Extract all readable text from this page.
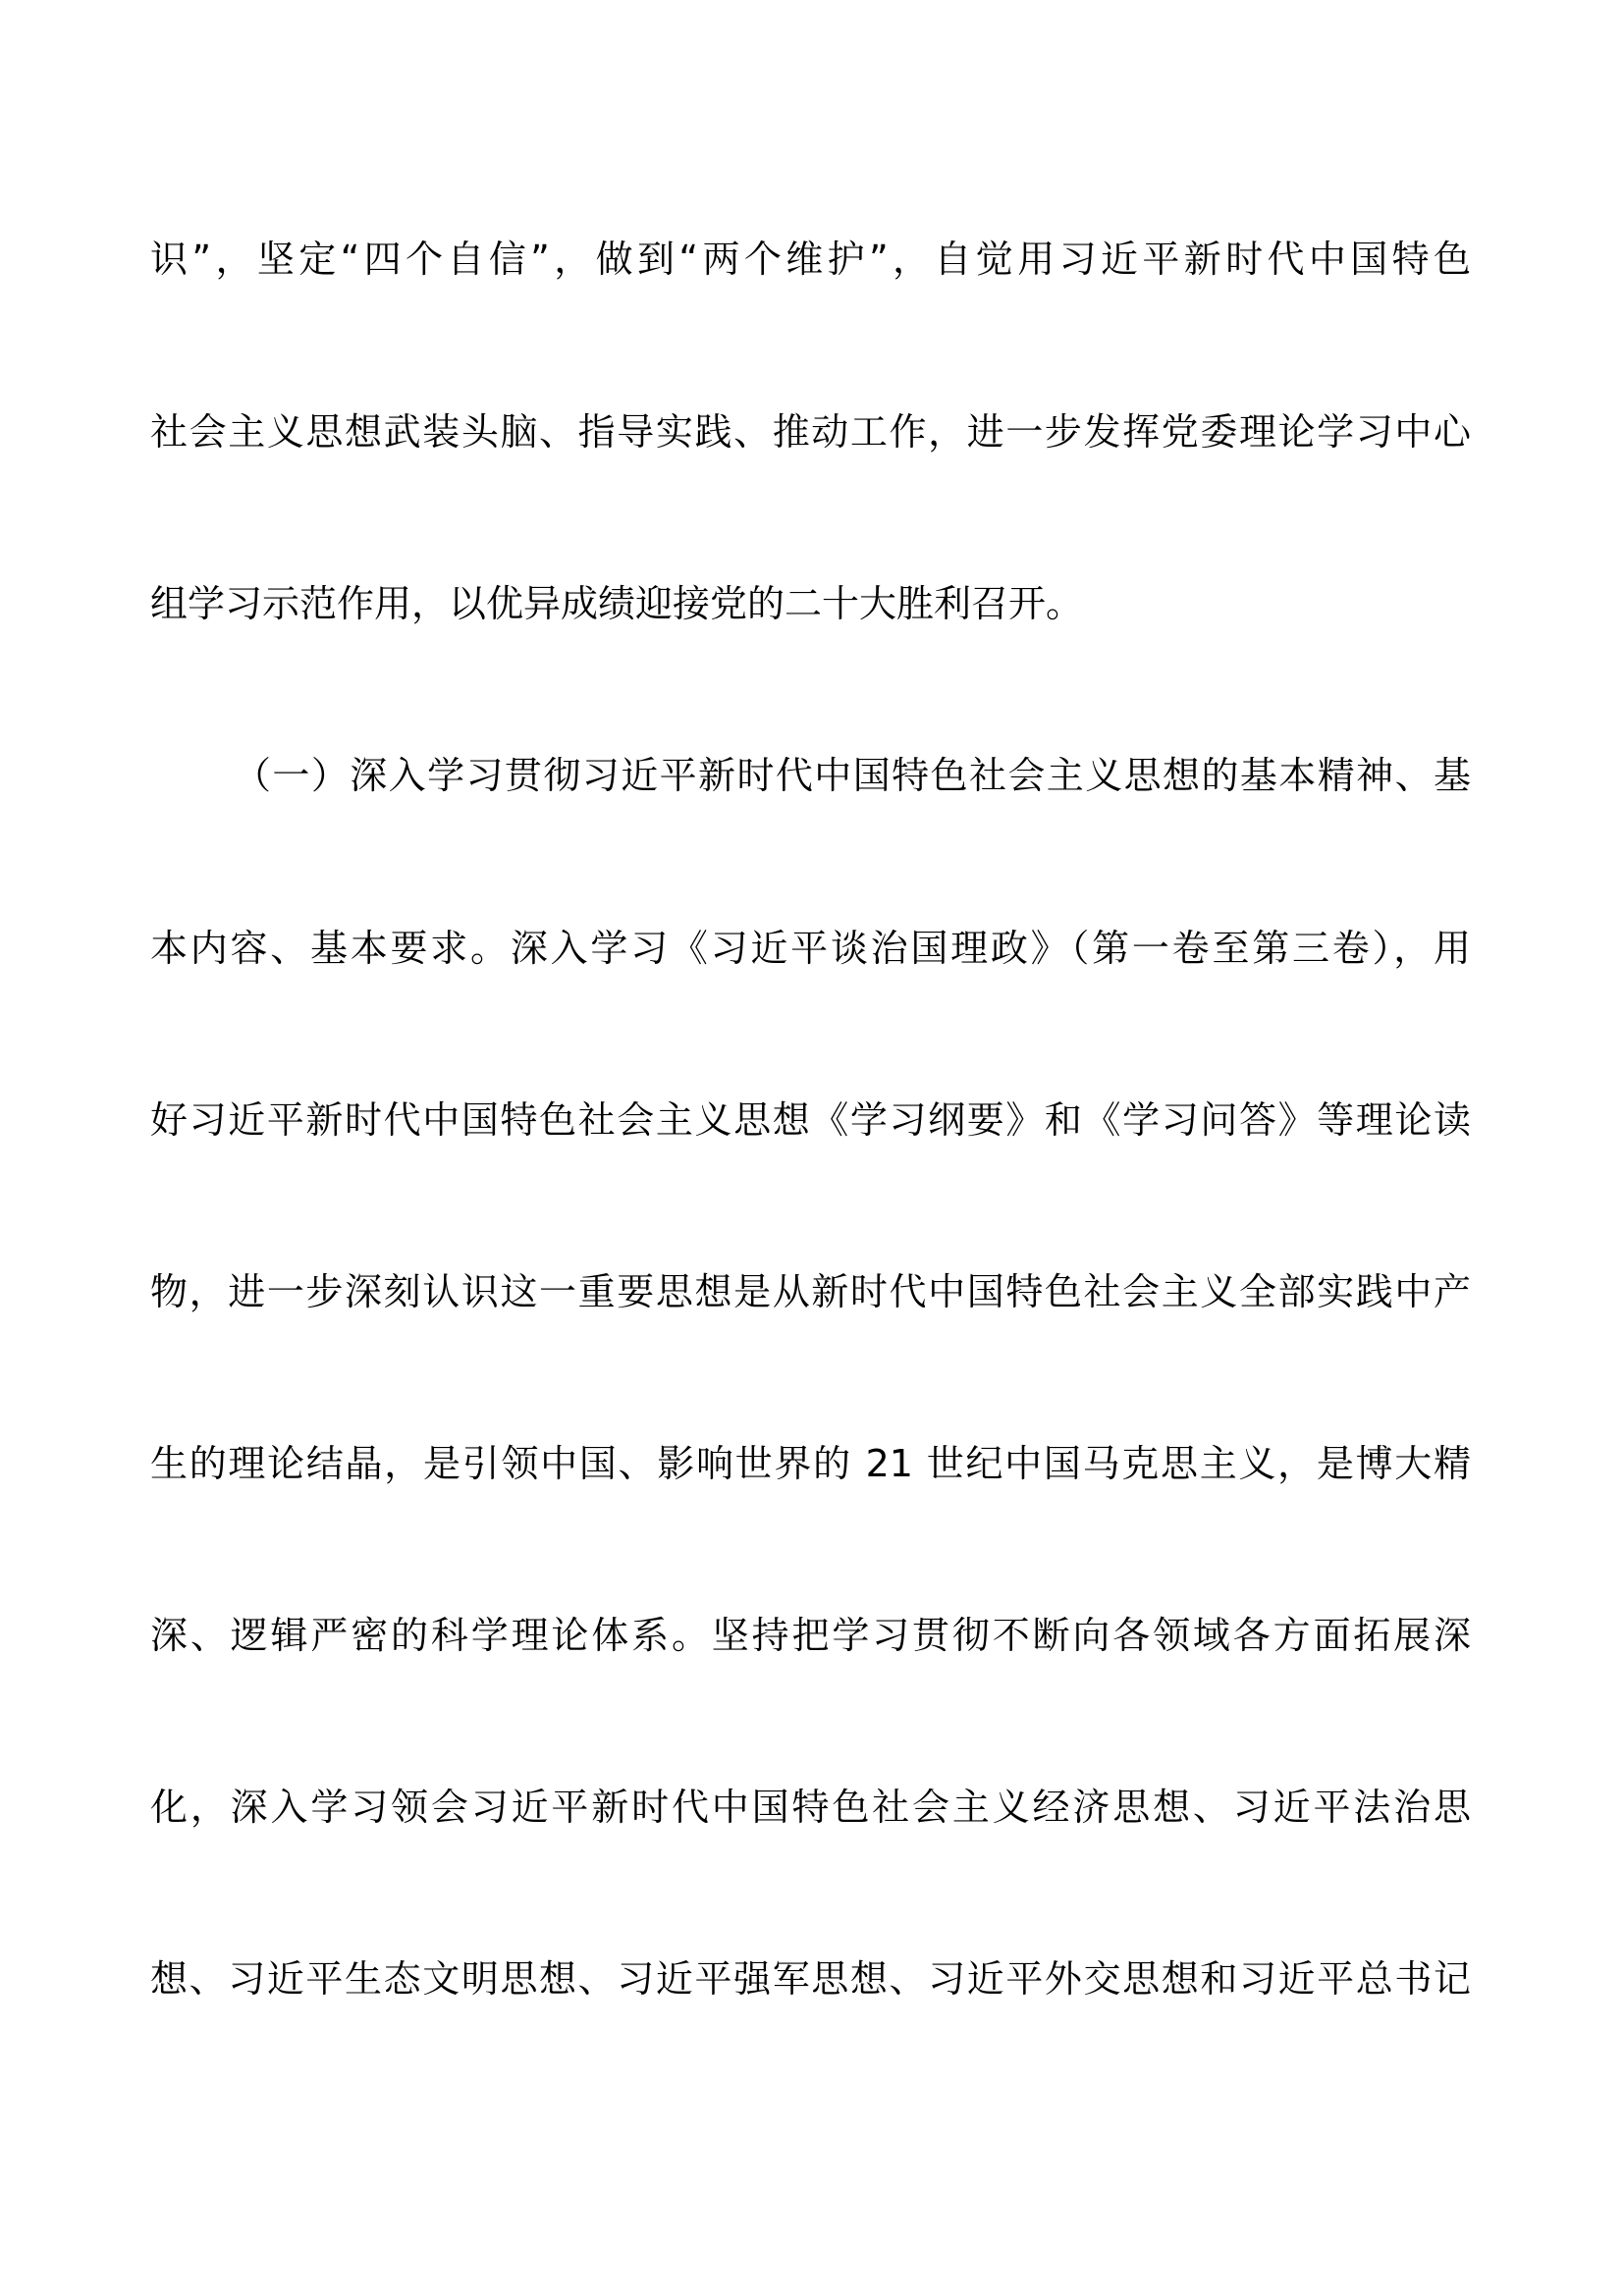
识”，坚定“四个自信”，做到“两个维护”，自觉用习近平新时代中国特色
社会主义思想武装头脑、指导实践、推动工作，进一步发挥党委理论学习中心
组学习示范作用，以优异成绩迎接党的二十大胜利召开。
（一）深入学习贯彻习近平新时代中国特色社会主义思想的基本精神、基
本内容、基本要求。深入学习《习近平谈治国理政》（第一卷至第三卷），用
好习近平新时代中国特色社会主义思想《学习纲要》和《学习问答》等理论读
物，进一步深刻认识这一重要思想是从新时代中国特色社会主义全部实践中产
生的理论结晶，是引领中国、影响世界的 21 世纪中国马克思主义，是博大精
深、逻辑严密的科学理论体系。坚持把学习贯彻不断向各领域各方面拓展深
化，深入学习领会习近平新时代中国特色社会主义经济思想、习近平法治思
想、习近平生态文明思想、习近平强军思想、习近平外交思想和习近平总书记
